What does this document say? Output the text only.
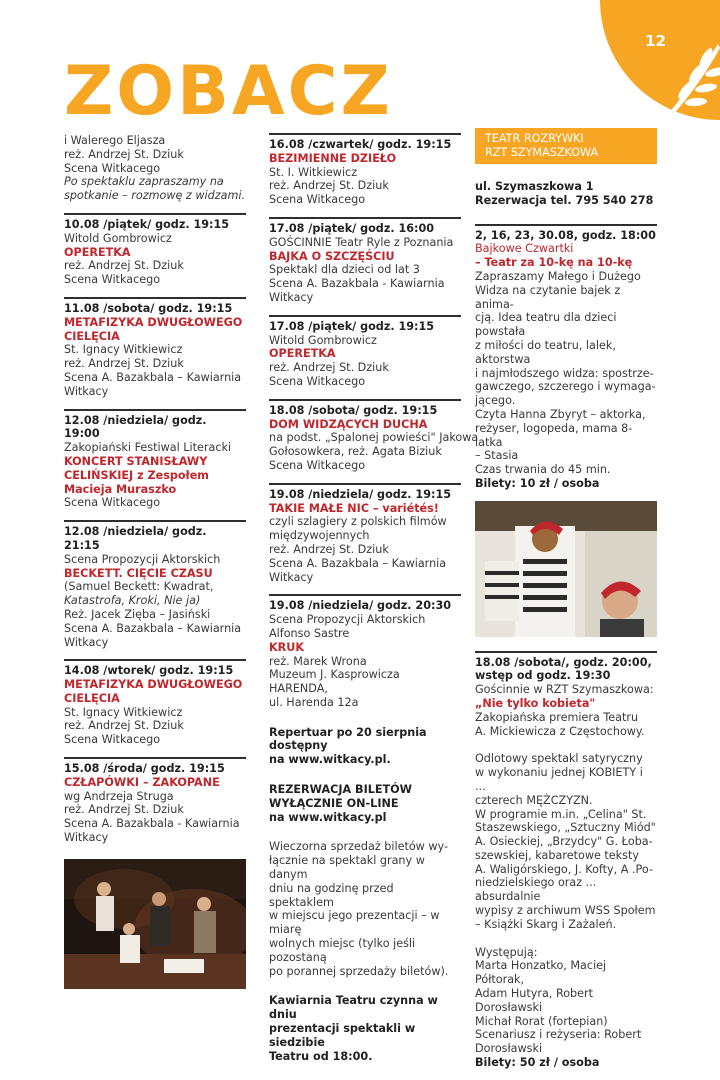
12
ZOBACZ
i Walerego Eljasza
reż. Andrzej St. Dziuk
Scena Witkacego
Po spektaklu zapraszamy na
spotkanie – rozmowę z widzami.
10.08 /piątek/ godz. 19:15
Witold Gombrowicz
OPERETKA
reż. Andrzej St. Dziuk
Scena Witkacego
11.08 /sobota/ godz. 19:15
METAFIZYKA DWUGŁOWEGO
CIELĘCIA
St. Ignacy Witkiewicz
reż. Andrzej St. Dziuk
Scena A. Bazakbala – Kawiarnia
Witkacy
12.08 /niedziela/ godz. 19:00
Zakopiański Festiwal Literacki
KONCERT STANISŁAWY
CELIŃSKIEJ z Zespołem
Macieja Muraszko
Scena Witkacego
12.08 /niedziela/ godz. 21:15
Scena Propozycji Aktorskich
BECKETT. CIĘCIE CZASU
(Samuel Beckett: Kwadrat,
Katastrofa, Kroki, Nie ja)
Reż. Jacek Zięba – Jasiński
Scena A. Bazakbala – Kawiarnia
Witkacy
14.08 /wtorek/ godz. 19:15
METAFIZYKA DWUGŁOWEGO
CIELĘCIA
St. Ignacy Witkiewicz
reż. Andrzej St. Dziuk
Scena Witkacego
15.08 /środa/ godz. 19:15
CZŁAPÓWKI – ZAKOPANE
wg Andrzeja Struga
reż. Andrzej St. Dziuk
Scena A. Bazakbala - Kawiarnia
Witkacy
16.08 /czwartek/ godz. 19:15
BEZIMIENNE DZIEŁO
St. I. Witkiewicz
reż. Andrzej St. Dziuk
Scena Witkacego
17.08 /piątek/ godz. 16:00
GOŚCINNIE Teatr Ryle z Poznania
BAJKA O SZCZĘŚCIU
Spektakl dla dzieci od lat 3
Scena A. Bazakbala - Kawiarnia
Witkacy
17.08 /piątek/ godz. 19:15
Witold Gombrowicz
OPERETKA
reż. Andrzej St. Dziuk
Scena Witkacego
18.08 /sobota/ godz. 19:15
DOM WIDZĄCYCH DUCHA
na podst. „Spalonej powieści" Jakowa
Gołosowkera, reż. Agata Biziuk
Scena Witkacego
19.08 /niedziela/ godz. 19:15
TAKIE MAŁE NIC – variétés!
czyli szlagiery z polskich filmów
międzywojennych
reż. Andrzej St. Dziuk
Scena A. Bazakbala – Kawiarnia
Witkacy
19.08 /niedziela/ godz. 20:30
Scena Propozycji Aktorskich
Alfonso Sastre
KRUK
reż. Marek Wrona
Muzeum J. Kasprowicza HARENDA,
ul. Harenda 12a
Repertuar po 20 sierpnia dostępny
na www.witkacy.pl.
REZERWACJA BILETÓW
WYŁĄCZNIE ON-LINE
na www.witkacy.pl
Wieczorna sprzedaż biletów wy-
łącznie na spektakl grany w danym
dniu na godzinę przed spektaklem
w miejscu jego prezentacji – w miarę
wolnych miejsc (tylko jeśli pozostaną
po porannej sprzedaży biletów).
Kawiarnia Teatru czynna w dniu
prezentacji spektakli w siedzibie
Teatru od 18:00.
TEATR ROZRYWKI
RZT SZYMASZKOWA
ul. Szymaszkowa 1
Rezerwacja tel. 795 540 278
2, 16, 23, 30.08, godz. 18:00
Bajkowe Czwartki
– Teatr za 10-kę na 10-kę
Zapraszamy Małego i Dużego
Widza na czytanie bajek z anima-
cją. Idea teatru dla dzieci powstała
z miłości do teatru, lalek, aktorstwa
i najmłodszego widza: spostrze-
gawczego, szczerego i wymaga-
jącego.
Czyta Hanna Zbyryt – aktorka,
reżyser, logopeda, mama 8-latka
– Stasia
Czas trwania do 45 min.
Bilety: 10 zł / osoba
18.08 /sobota/, godz. 20:00,
wstęp od godz. 19:30
Gościnnie w RZT Szymaszkowa:
„Nie tylko kobieta"
Zakopiańska premiera Teatru
A. Mickiewicza z Częstochowy.
Odlotowy spektakl satyryczny
w wykonaniu jednej KOBIETY i ...
czterech MĘŻCZYZN.
W programie m.in. „Celina" St.
Staszewskiego, „Sztuczny Miód"
A. Osieckiej, „Brzydcy" G. Łoba-
szewskiej, kabaretowe teksty
A. Waligórskiego, J. Kofty, A .Po-
niedzielskiego oraz ... absurdalnie
wypisy z archiwum WSS Społem
– Książki Skarg i Zażaleń.
Występują:
Marta Honzatko, Maciej Półtorak,
Adam Hutyra, Robert Dorosławski
Michał Rorat (fortepian)
Scenariusz i reżyseria: Robert
Dorosławski
Bilety: 50 zł / osoba
